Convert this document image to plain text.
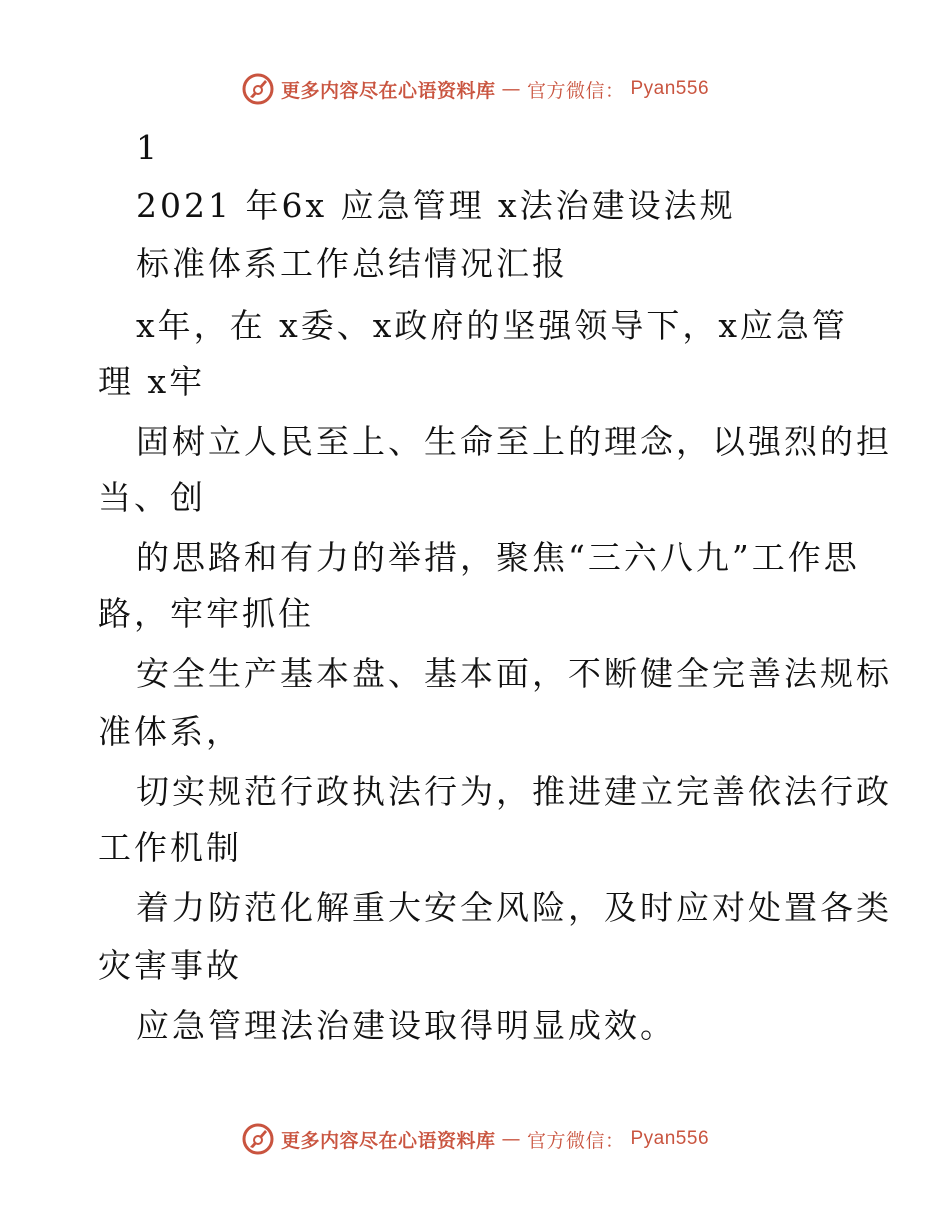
更多内容尽在心语资料库 — 官方微信： Pyan556
1
2021 年6x 应急管理 x法治建设法规
标准体系工作总结情况汇报
x年，在 x委、x政府的坚强领导下，x应急管
理 x牢
固树立人民至上、生命至上的理念，以强烈的担
当、创
的思路和有力的举措，聚焦“三六八九”工作思
路，牢牢抓住
安全生产基本盘、基本面，不断健全完善法规标
准体系，
切实规范行政执法行为，推进建立完善依法行政
工作机制
着力防范化解重大安全风险，及时应对处置各类
灾害事故
应急管理法治建设取得明显成效。
更多内容尽在心语资料库 — 官方微信： Pyan556
